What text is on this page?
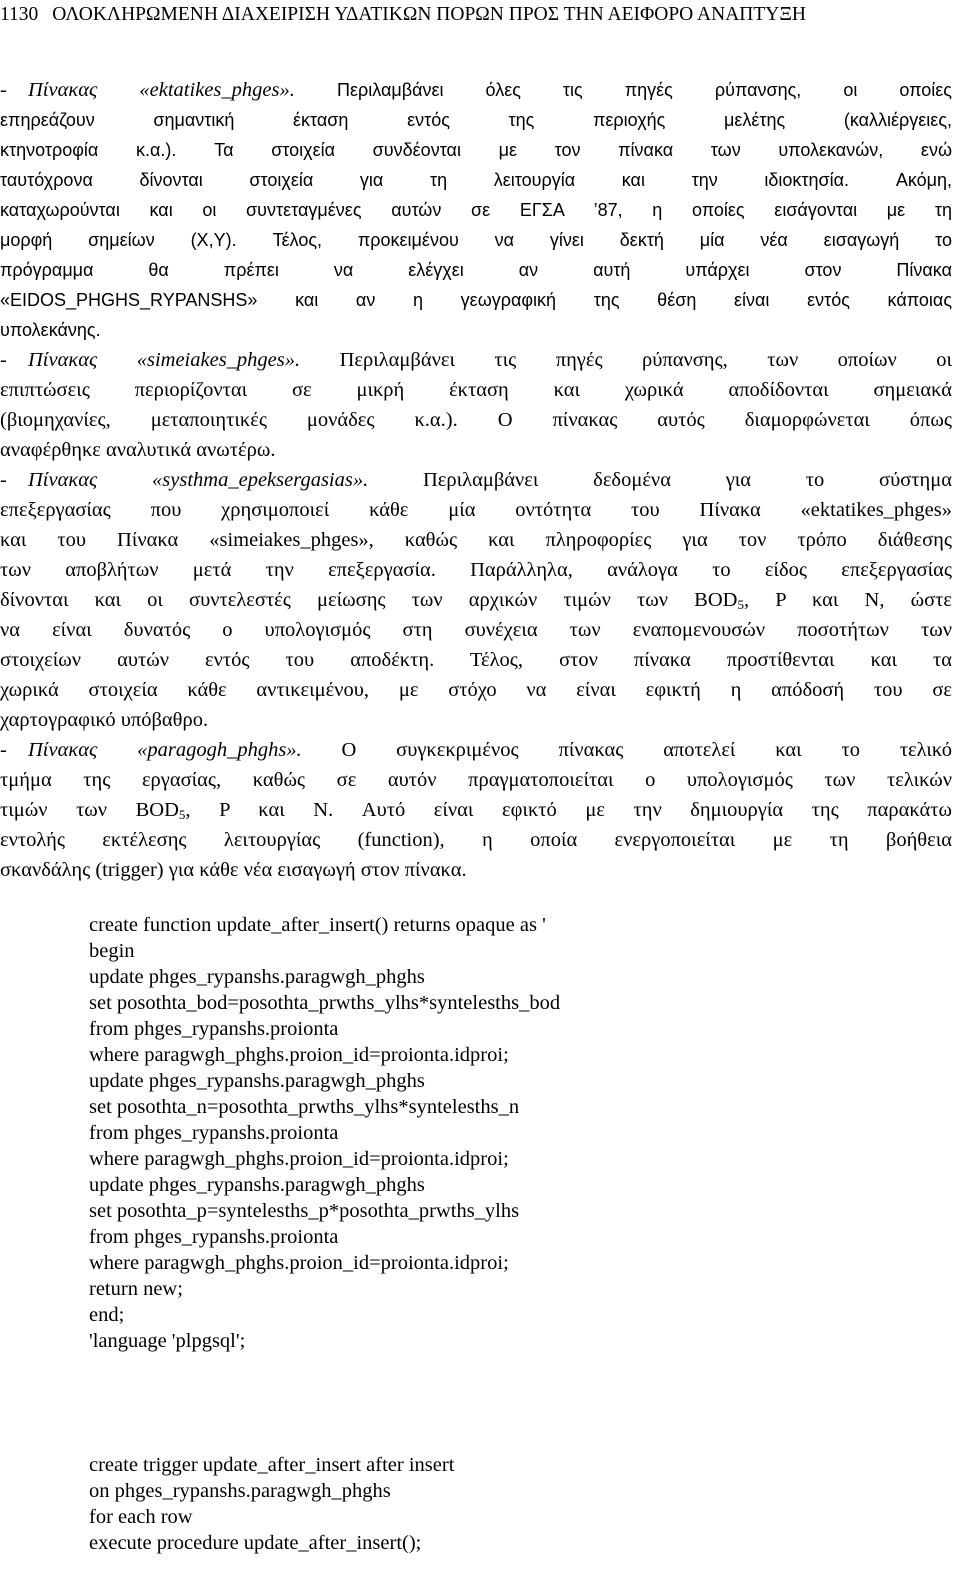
1130 ΟΛΟΚΛΗΡΩΜΕΝΗ ΔΙΑΧΕΙΡΙΣΗ ΥΔΑΤΙΚΩΝ ΠΟΡΩΝ ΠΡΟΣ ΤΗΝ ΑΕΙΦΟΡΟ ΑΝΑΠΤΥΞΗ
- Πίνακας «ektatikes_phges». Περιλαμβάνει όλες τις πηγές ρύπανσης, οι οποίες
επηρεάζουν σημαντική έκταση εντός της περιοχής μελέτης (καλλιέργειες,
κτηνοτροφία κ.α.). Τα στοιχεία συνδέονται με τον πίνακα των υπολεκανών, ενώ
ταυτόχρονα δίνονται στοιχεία για τη λειτουργία και την ιδιοκτησία.	Ακόμη,
καταχωρούνται και οι συντεταγμένες αυτών σε ΕΓΣΑ ’87, η οποίες εισάγονται με τη
μορφή σημείων (X,Y). Τέλος, προκειμένου να γίνει δεκτή μία νέα εισαγωγή το
πρόγραμμα θα πρέπει να ελέγχει αν αυτή υπάρχει στον Πίνακα
«EIDOS_PHGHS_RYPANSHS» και αν η γεωγραφική της θέση είναι εντός κάποιας
υπολεκάνης.
- Πίνακας «simeiakes_phges». Περιλαμβάνει τις πηγές ρύπανσης, των οποίων οι
επιπτώσεις περιορίζονται σε μικρή έκταση και χωρικά αποδίδονται σημειακά
(βιομηχανίες, μεταποιητικές μονάδες κ.α.). Ο πίνακας αυτός διαμορφώνεται όπως
αναφέρθηκε αναλυτικά ανωτέρω.
- Πίνακας «systhma_epeksergasias».	Περιλαμβάνει δεδομένα για το σύστημα
επεξεργασίας που χρησιμοποιεί κάθε μία οντότητα του Πίνακα «ektatikes_phges»
και του Πίνακα «simeiakes_phges», καθώς και πληροφορίες για τον τρόπο διάθεσης
των αποβλήτων μετά την επεξεργασία. Παράλληλα, ανάλογα το είδος επεξεργασίας
δίνονται και οι συντελεστές μείωσης των αρχικών τιμών των $BOD_5$, P και N, ώστε
να είναι δυνατός ο υπολογισμός στη συνέχεια των εναπομενουσών ποσοτήτων των
στοιχείων αυτών εντός του αποδέκτη. Τέλος, στον πίνακα προστίθενται και τα
χωρικά στοιχεία κάθε αντικειμένου, με στόχο να είναι εφικτή η απόδοσή του σε
χαρτογραφικό υπόβαθρο.
- Πίνακας «paragogh_phghs». Ο συγκεκριμένος πίνακας αποτελεί και το τελικό
τμήμα της εργασίας, καθώς σε αυτόν πραγματοποιείται ο υπολογισμός των τελικών
τιμών των $BOD_5$, P και N. Αυτό είναι εφικτό με την δημιουργία της παρακάτω
εντολής εκτέλεσης λειτουργίας (function), η οποία ενεργοποιείται με τη βοήθεια
σκανδάλης (trigger) για κάθε νέα εισαγωγή στον πίνακα.
create function update_after_insert() returns opaque as '
begin
update phges_rypanshs.paragwgh_phghs
set posothta_bod=posothta_prwths_ylhs*syntelesths_bod
from phges_rypanshs.proionta
where paragwgh_phghs.proion_id=proionta.idproi;
update phges_rypanshs.paragwgh_phghs
set posothta_n=posothta_prwths_ylhs*syntelesths_n
from phges_rypanshs.proionta
where paragwgh_phghs.proion_id=proionta.idproi;
update phges_rypanshs.paragwgh_phghs
set posothta_p=syntelesths_p*posothta_prwths_ylhs
from phges_rypanshs.proionta
where paragwgh_phghs.proion_id=proionta.idproi;
return new;
end;
'language 'plpgsql';
create trigger update_after_insert after insert
on phges_rypanshs.paragwgh_phghs
for each row
execute procedure update_after_insert();
